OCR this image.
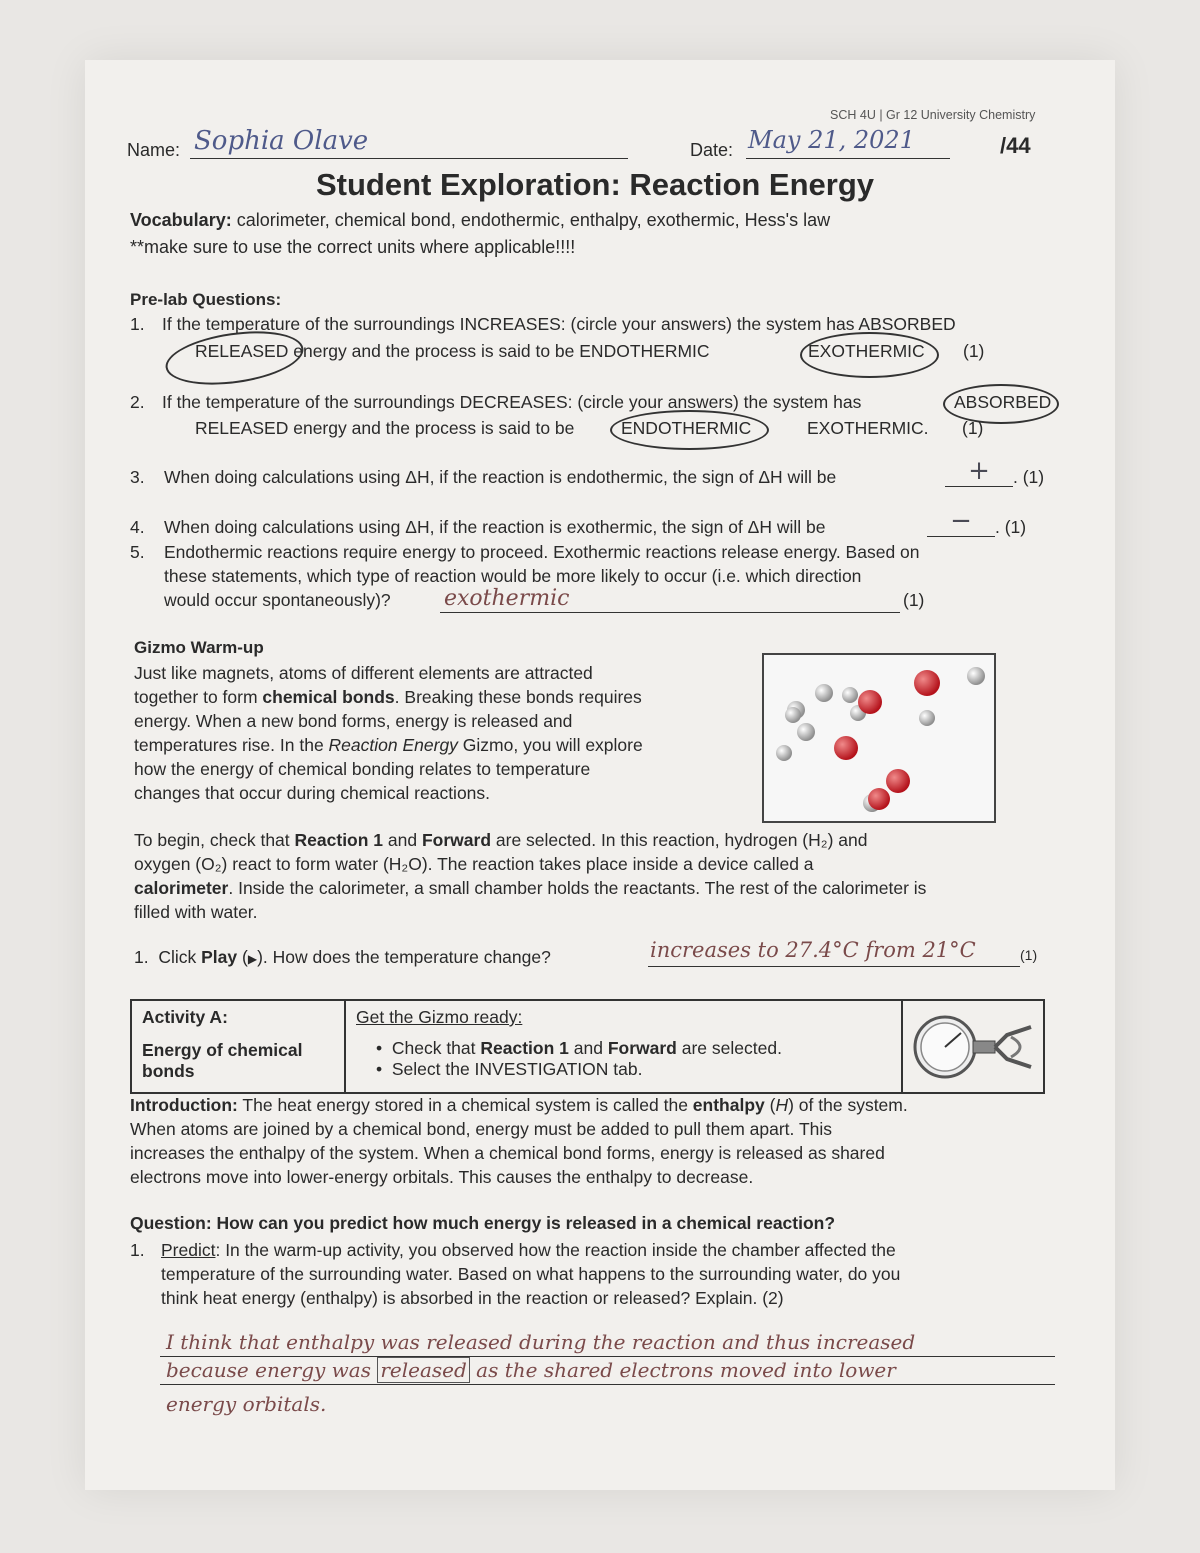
SCH 4U | Gr 12 University Chemistry
Name: Sophia Olave	Date: May 21, 2021	/44
Student Exploration: Reaction Energy
Vocabulary: calorimeter, chemical bond, endothermic, enthalpy, exothermic, Hess's law
**make sure to use the correct units where applicable!!!!
Pre-lab Questions:
1. If the temperature of the surroundings INCREASES: (circle your answers) the system has ABSORBED
RELEASED energy and the process is said to be ENDOTHERMIC	EXOTHERMIC (1)
2. If the temperature of the surroundings DECREASES: (circle your answers) the system has	ABSORBED
RELEASED energy and the process is said to be	ENDOTHERMIC	EXOTHERMIC. (1)
3. When doing calculations using ΔH, if the reaction is endothermic, the sign of ΔH will be	+	. (1)
4. When doing calculations using ΔH, if the reaction is exothermic, the sign of ΔH will be	−	. (1)
5. Endothermic reactions require energy to proceed. Exothermic reactions release energy. Based on
these statements, which type of reaction would be more likely to occur (i.e. which direction
would occur spontaneously)? exothermic	(1)
Gizmo Warm-up
Just like magnets, atoms of different elements are attracted
together to form chemical bonds. Breaking these bonds requires
energy. When a new bond forms, energy is released and
temperatures rise. In the Reaction Energy Gizmo, you will explore
how the energy of chemical bonding relates to temperature
changes that occur during chemical reactions.
To begin, check that Reaction 1 and Forward are selected. In this reaction, hydrogen (H₂) and
oxygen (O₂) react to form water (H₂O). The reaction takes place inside a device called a
calorimeter. Inside the calorimeter, a small chamber holds the reactants. The rest of the calorimeter is
filled with water.
1. Click Play (▶). How does the temperature change?	increases to 27.4°C from 21°C	(1)
Activity A:
Energy of chemical bonds

Get the Gizmo ready:
•  Check that Reaction 1 and Forward are selected.
•  Select the INVESTIGATION tab.

Introduction: The heat energy stored in a chemical system is called the enthalpy (H) of the system.
When atoms are joined by a chemical bond, energy must be added to pull them apart. This
increases the enthalpy of the system. When a chemical bond forms, energy is released as shared
electrons move into lower-energy orbitals. This causes the enthalpy to decrease.
Question: How can you predict how much energy is released in a chemical reaction?
1. Predict: In the warm-up activity, you observed how the reaction inside the chamber affected the
temperature of the surrounding water. Based on what happens to the surrounding water, do you
think heat energy (enthalpy) is absorbed in the reaction or released? Explain. (2)
I think that enthalpy was released during the reaction and thus increased
because energy was released as the shared electrons moved into lower
energy orbitals.
